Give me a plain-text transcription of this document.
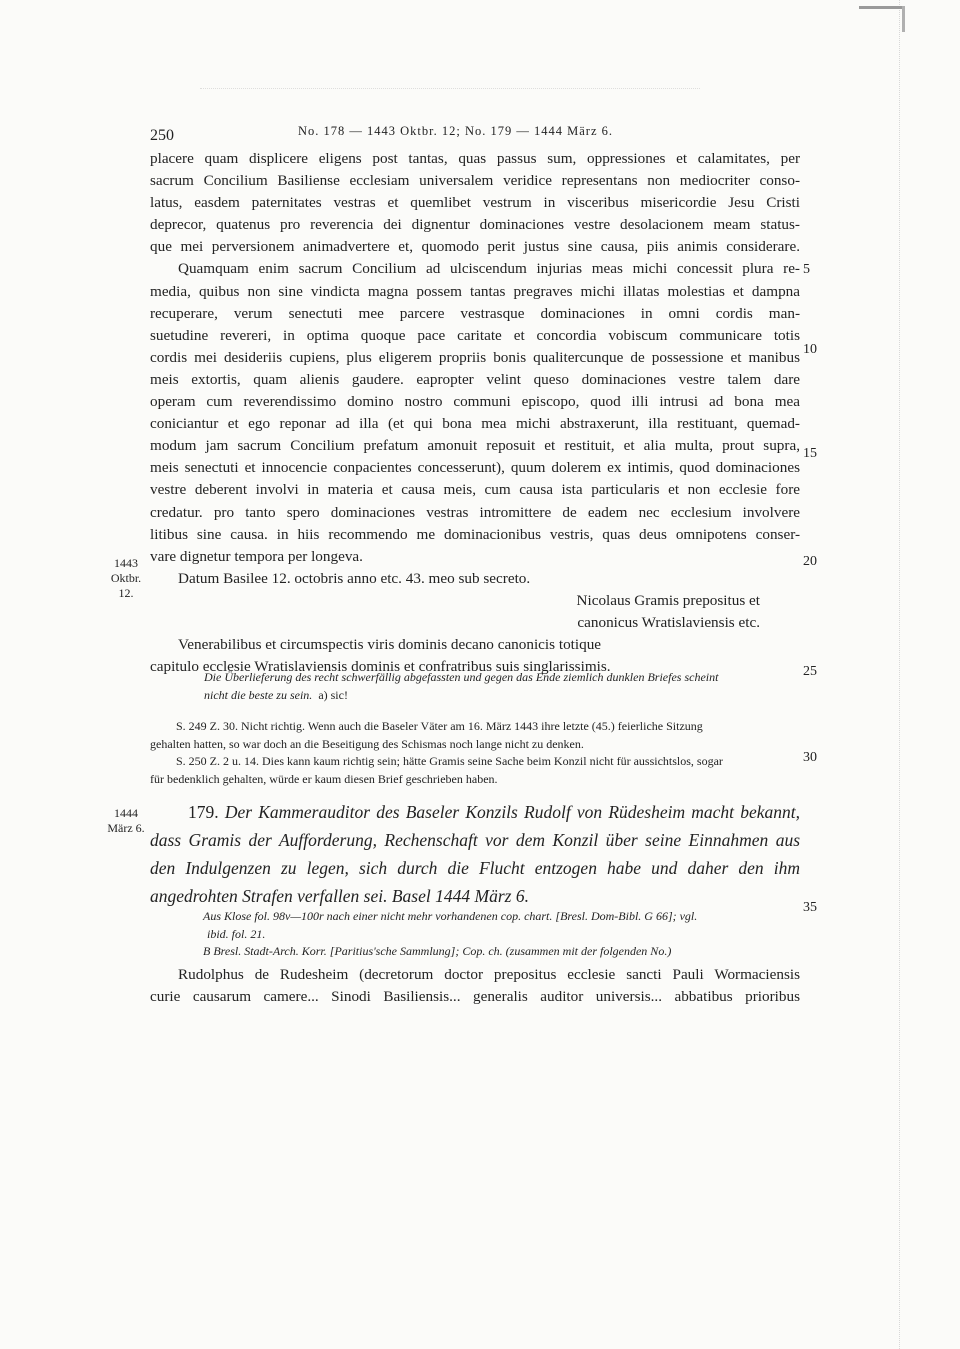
250	No. 178 — 1443 Oktbr. 12; No. 179 — 1444 März 6.
placere quam displicere eligens post tantas, quas passus sum, oppressiones et calamitates, per
sacrum Concilium Basiliense ecclesiam universalem veridice representans non mediocriter conso-
latus, easdem paternitates vestras et quemlibet vestrum in visceribus misericordie Jesu Cristi
deprecor, quatenus pro reverencia dei dignentur dominaciones vestre desolacionem meam status-
que mei perversionem animadvertere et, quomodo perit justus sine causa, piis animis considerare.
Quamquam enim sacrum Concilium ad ulciscendum injurias meas michi concessit plura re-
media, quibus non sine vindicta magna possem tantas pregraves michi illatas molestias et dampna
recuperare, verum senectuti mee parcere vestrasque dominaciones in omni cordis man-
suetudine revereri, in optima quoque pace caritate et concordia vobiscum communicare totis
cordis mei desideriis cupiens, plus eligerem propriis bonis qualitercunque de possessione et manibus
meis extortis, quam alienis gaudere. eapropter velint queso dominaciones vestre talem dare
operam cum reverendissimo domino nostro communi episcopo, quod illi intrusi ad bona mea
coniciantur et ego reponar ad illa (et qui bona mea michi abstraxerunt, illa restituant, quemad-
modum jam sacrum Concilium prefatum amonuit reposuit et restituit, et alia multa, prout supra,
meis senectuti et innocencie conpacientes concesserunt), quum dolerem ex intimis, quod dominaciones
vestre deberent involvi in materia et causa meis, cum causa ista particularis et non ecclesie fore
credatur. pro tanto spero dominaciones vestras intromittere de eadem nec ecclesium involvere
litibus sine causa. in hiis recommendo me dominacionibus vestris, quas deus omnipotens conser-
vare dignetur tempora per longeva.
Datum Basilee 12. octobris anno etc. 43. meo sub secreto.
Nicolaus Gramis prepositus et
canonicus Wratislaviensis etc.
Venerabilibus et circumspectis viris dominis decano canonicis totique
capitulo ecclesie Wratislaviensis dominis et confratribus suis singlarissimis.
5
10
15
20
1443
Oktbr. 12.
Die Überlieferung des recht schwerfällig abgefassten und gegen das Ende ziemlich dunklen Briefes scheint
nicht die beste zu sein. a) sic!
S. 249 Z. 30. Nicht richtig. Wenn auch die Baseler Väter am 16. März 1443 ihre letzte (45.) feierliche Sitzung
gehalten hatten, so war doch an die Beseitigung des Schismas noch lange nicht zu denken.
S. 250 Z. 2 u. 14. Dies kann kaum richtig sein; hätte Gramis seine Sache beim Konzil nicht für aussichtslos, sogar
für bedenklich gehalten, würde er kaum diesen Brief geschrieben haben.
25
30
1444
März 6.
179. Der Kammerauditor des Baseler Konzils Rudolf von Rüdesheim macht bekannt,
dass Gramis der Aufforderung, Rechenschaft vor dem Konzil über seine Einnahmen aus
den Indulgenzen zu legen, sich durch die Flucht entzogen habe und daher den ihm
angedrohten Strafen verfallen sei. Basel 1444 März 6.
Aus Klose fol. 98v—100r nach einer nicht mehr vorhandenen cop. chart. [Bresl. Dom-Bibl. G 66]; vgl.
ibid. fol. 21.
B Bresl. Stadt-Arch. Korr. [Paritius'sche Sammlung]; Cop. ch. (zusammen mit der folgenden No.)
35
Rudolphus de Rudesheim (decretorum doctor prepositus ecclesie sancti Pauli Wormaciensis
curie causarum camere... Sinodi Basiliensis... generalis auditor universis... abbatibus prioribus
